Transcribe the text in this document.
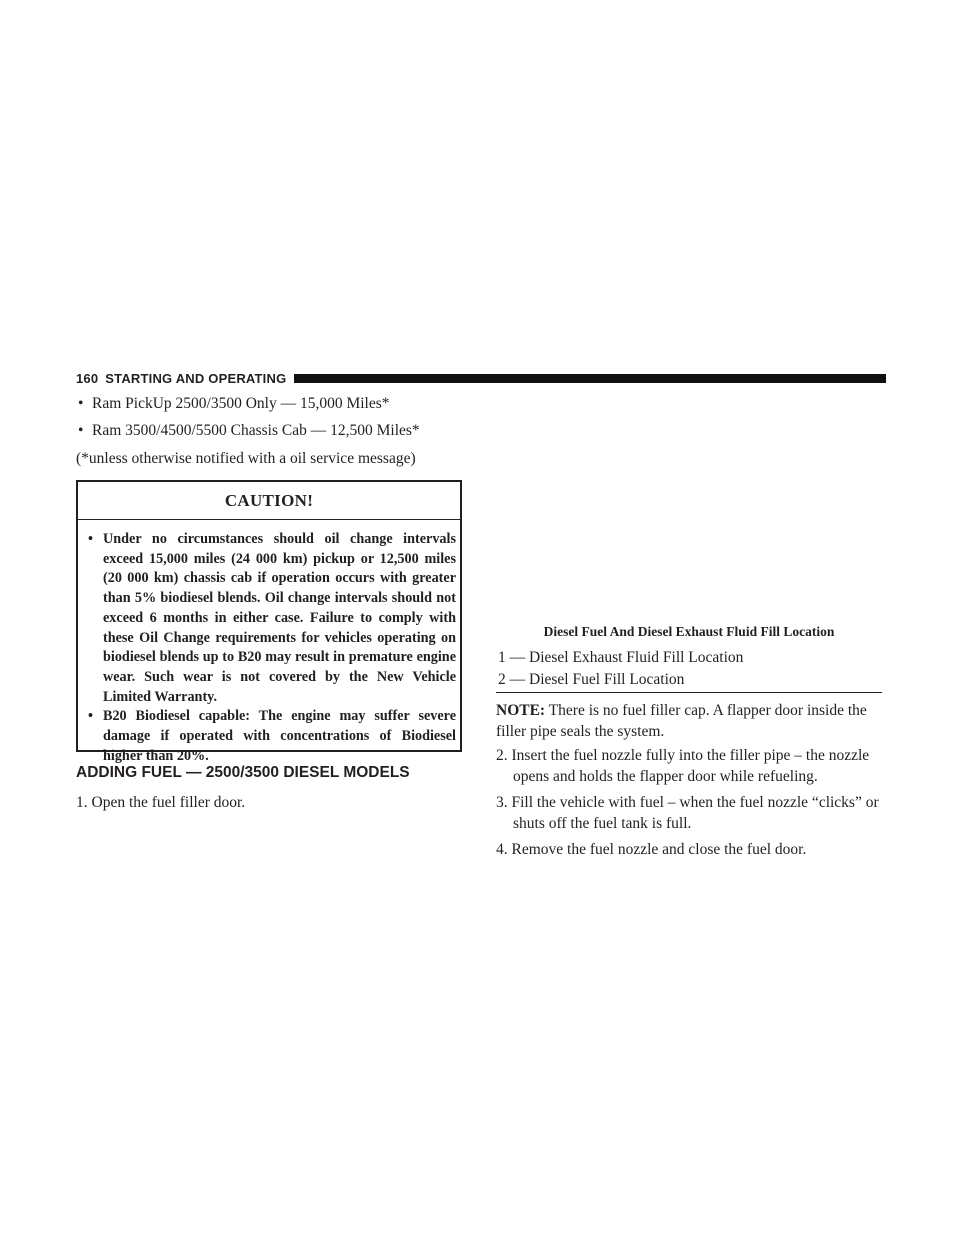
160 STARTING AND OPERATING
• Ram PickUp 2500/3500 Only — 15,000 Miles*
• Ram 3500/4500/5500 Chassis Cab — 12,500 Miles*
(*unless otherwise notified with a oil service message)
CAUTION!
• Under no circumstances should oil change intervals exceed 15,000 miles (24 000 km) pickup or 12,500 miles (20 000 km) chassis cab if operation occurs with greater than 5% biodiesel blends. Oil change intervals should not exceed 6 months in either case. Failure to comply with these Oil Change requirements for vehicles operating on biodiesel blends up to B20 may result in premature engine wear. Such wear is not covered by the New Vehicle Limited Warranty.
• B20 Biodiesel capable: The engine may suffer severe damage if operated with concentrations of Biodiesel higher than 20%.
ADDING FUEL — 2500/3500 DIESEL MODELS
1. Open the fuel filler door.
Diesel Fuel And Diesel Exhaust Fluid Fill Location
1 — Diesel Exhaust Fluid Fill Location
2 — Diesel Fuel Fill Location
NOTE: There is no fuel filler cap. A flapper door inside the filler pipe seals the system.
2. Insert the fuel nozzle fully into the filler pipe – the nozzle opens and holds the flapper door while refueling.
3. Fill the vehicle with fuel – when the fuel nozzle “clicks” or shuts off the fuel tank is full.
4. Remove the fuel nozzle and close the fuel door.
